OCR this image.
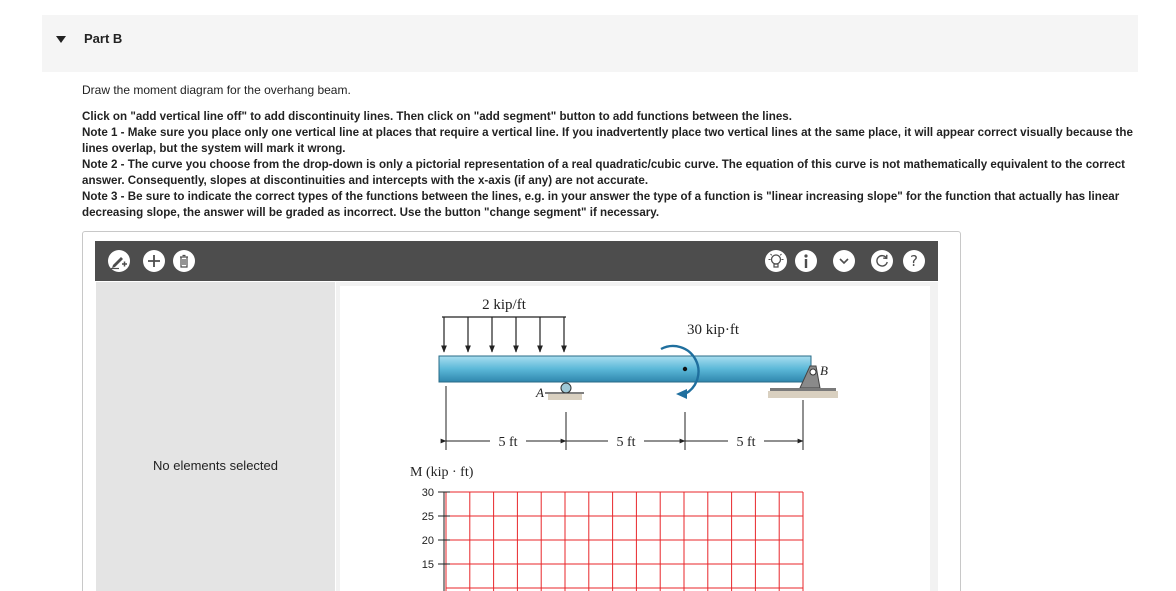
Part B
Draw the moment diagram for the overhang beam.
Click on "add vertical line off" to add discontinuity lines. Then click on "add segment" button to add functions between the lines.
Note 1 - Make sure you place only one vertical line at places that require a vertical line. If you inadvertently place two vertical lines at the same place, it will appear correct visually because the lines overlap, but the system will mark it wrong.
Note 2 - The curve you choose from the drop-down is only a pictorial representation of a real quadratic/cubic curve. The equation of this curve is not mathematically equivalent to the correct answer. Consequently, slopes at discontinuities and intercepts with the x-axis (if any) are not accurate.
Note 3 - Be sure to indicate the correct types of the functions between the lines, e.g. in your answer the type of a function is "linear increasing slope" for the function that actually has linear decreasing slope, the answer will be graded as incorrect. Use the button "change segment" if necessary.
?
No elements selected
2 kip/ft
30 kip·ft
A
B
5 ft	5 ft	5 ft
M (kip · ft)
30
25
20
15
